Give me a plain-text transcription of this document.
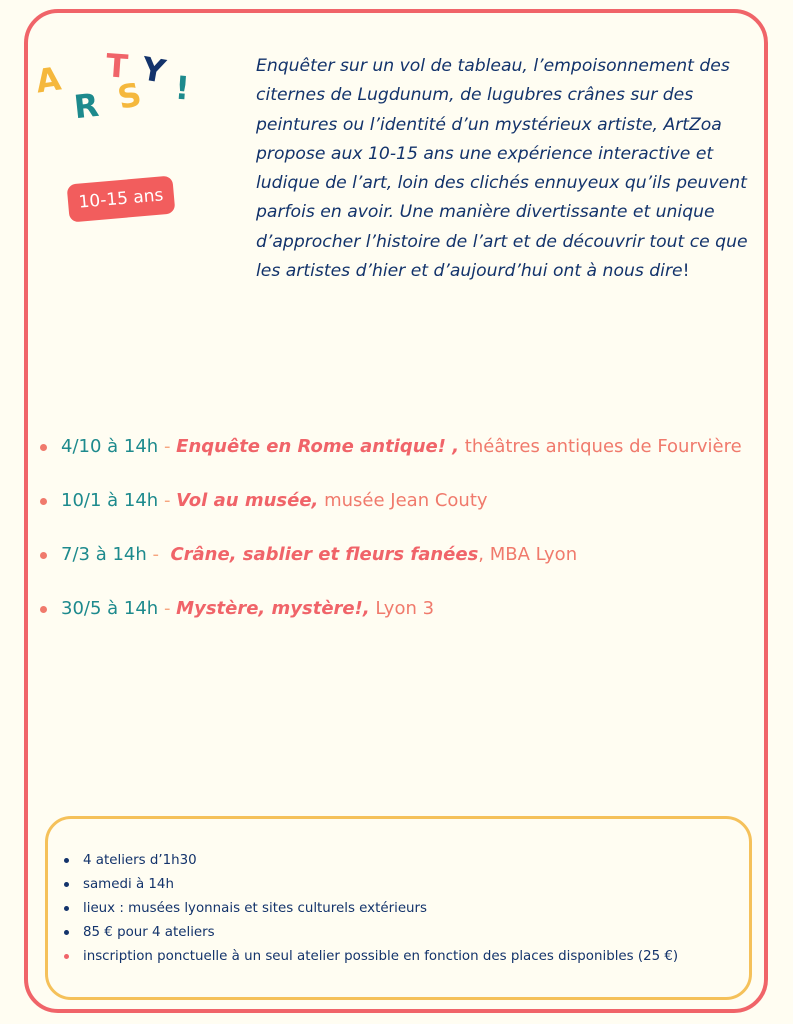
A
R
T
S
Y !
10-15 ans

Enquêter sur un vol de tableau, l’empoisonnement des citernes de Lugdunum, de lugubres crânes sur des peintures ou l’identité d’un mystérieux artiste, ArtZoa propose aux 10-15 ans une expérience interactive et ludique de l’art, loin des clichés ennuyeux qu’ils peuvent parfois en avoir. Une manière divertissante et unique d’approcher l’histoire de l’art et de découvrir tout ce que les artistes d’hier et d’aujourd’hui ont à nous dire!

4/10 à 14h - Enquête en Rome antique! , théâtres antiques de Fourvière
10/1 à 14h - Vol au musée, musée Jean Couty
7/3 à 14h -  Crâne, sablier et fleurs fanées, MBA Lyon
30/5 à 14h - Mystère, mystère!, Lyon 3
4 ateliers d’1h30
samedi à 14h
lieux : musées lyonnais et sites culturels extérieurs
85 € pour 4 ateliers
inscription ponctuelle à un seul atelier possible en fonction des places disponibles (25 €)
